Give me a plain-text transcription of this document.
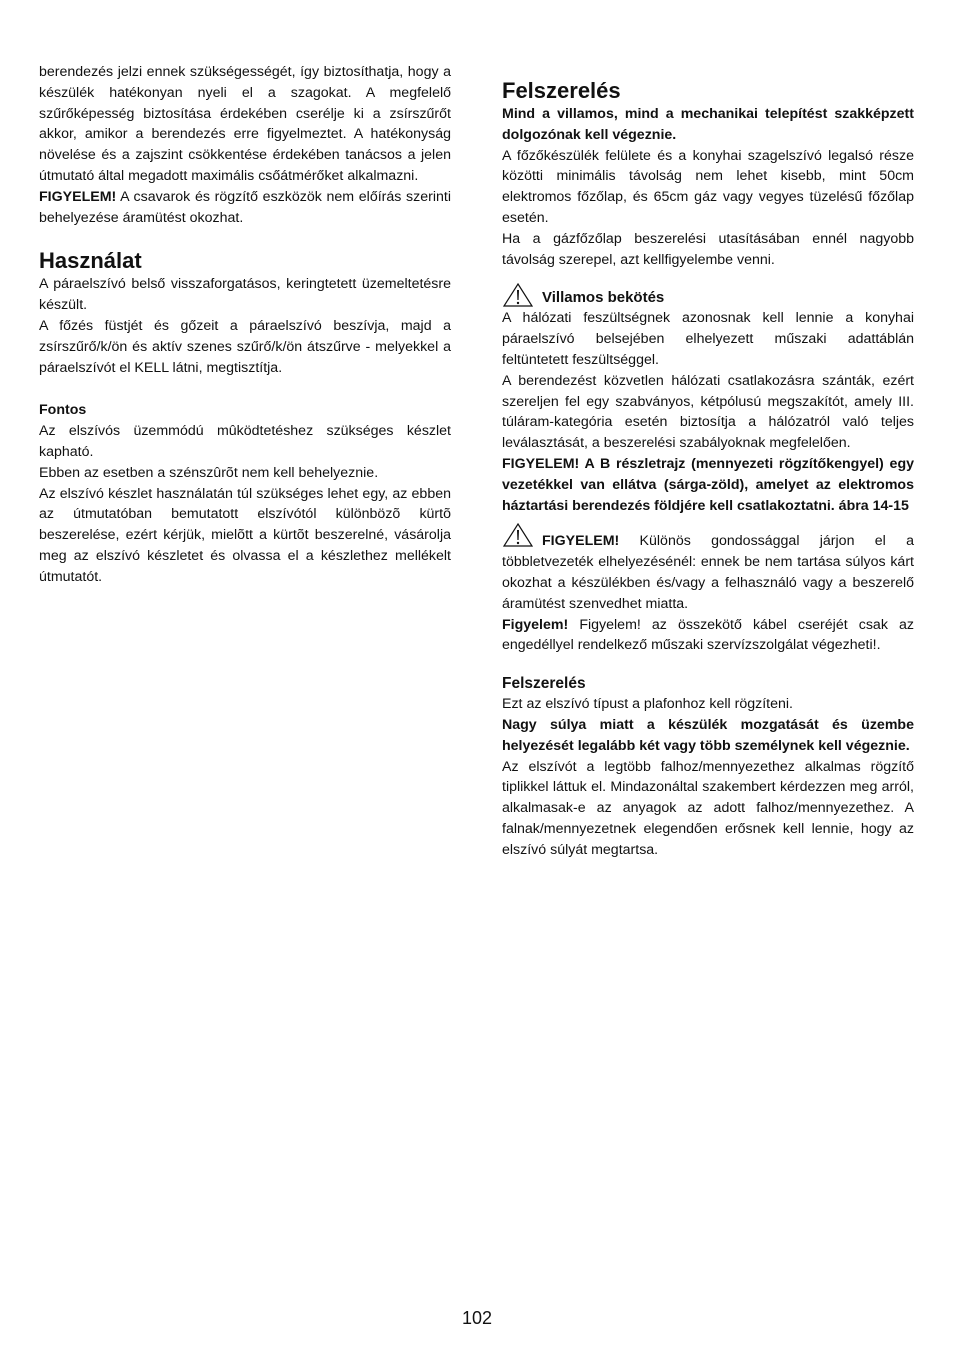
berendezés jelzi ennek szükségességét, így biztosíthatja, hogy a készülék hatékonyan nyeli el a szagokat. A megfelelő szűrőképesség biztosítása érdekében cserélje ki a zsírszűrőt akkor, amikor a berendezés erre figyelmeztet. A hatékonyság növelése és a zajszint csökkentése érdekében tanácsos a jelen útmutató által megadott maximális csőátmérőket alkalmazni.

FIGYELEM! A csavarok és rögzítő eszközök nem előírás szerinti behelyezése áramütést okozhat.

Használat

A páraelszívó belső visszaforgatásos, keringtetett üzemeltetésre készült.

A főzés füstjét és gőzeit a páraelszívó beszívja, majd a zsírszűrő/k/ön és aktív szenes szűrő/k/ön átszűrve - melyekkel a páraelszívót el KELL látni, megtisztítja.

Fontos

Az elszívós üzemmódú mûködtetéshez szükséges készlet kapható.

Ebben az esetben a szénszûrõt nem kell behelyeznie.

Az elszívó készlet használatán túl szükséges lehet egy, az ebben az útmutatóban bemutatott elszívótól különbözõ kürtõ beszerelése, ezért kérjük, mielõtt a kürtõt beszerelné, vásárolja meg az elszívó készletet és olvassa el a készlethez mellékelt útmutatót.

Felszerelés

Mind a villamos, mind a mechanikai telepítést szakképzett dolgozónak kell végeznie.

A főzőkészülék felülete és a konyhai szagelszívó legalsó része közötti minimális távolság nem lehet kisebb, mint 50cm elektromos főzőlap, és 65cm gáz vagy vegyes tüzelésű főzőlap esetén.

Ha a gázfőzőlap beszerelési utasításában ennél nagyobb távolság szerepel, azt kellfigyelembe venni.

Villamos bekötés

A hálózati feszültségnek azonosnak kell lennie a konyhai páraelszívó belsejében elhelyezett műszaki adattáblán feltüntetett feszültséggel.

A berendezést közvetlen hálózati csatlakozásra szánták, ezért szereljen fel egy szabványos, kétpólusú megszakítót, amely III. túláram-kategória esetén biztosítja a hálózatról való teljes leválasztását, a beszerelési szabályoknak megfelelően.

FIGYELEM! A B részletrajz (mennyezeti rögzítőkengyel) egy vezetékkel van ellátva (sárga-zöld), amelyet az elektromos háztartási berendezés földjére kell csatlakoztatni. ábra 14-15

FIGYELEM! Különös gondossággal járjon el a többletvezeték elhelyezésénél: ennek be nem tartása súlyos kárt okozhat a készülékben és/vagy a felhasználó vagy a beszerelő áramütést szenvedhet miatta.

Figyelem! Figyelem! az összekötő kábel cseréjét csak az engedéllyel rendelkező műszaki szervízszolgálat végezheti!.

Felszerelés

Ezt az elszívó típust a plafonhoz kell rögzíteni.

Nagy súlya miatt a készülék mozgatását és üzembe helyezését legalább két vagy több személynek kell végeznie.

Az elszívót a legtöbb falhoz/mennyezethez alkalmas rögzítő tiplikkel láttuk el. Mindazonáltal szakembert kérdezzen meg arról, alkalmasak-e az anyagok az adott falhoz/mennyezethez. A falnak/mennyezetnek elegendően erősnek kell lennie, hogy az elszívó súlyát megtartsa.

102
